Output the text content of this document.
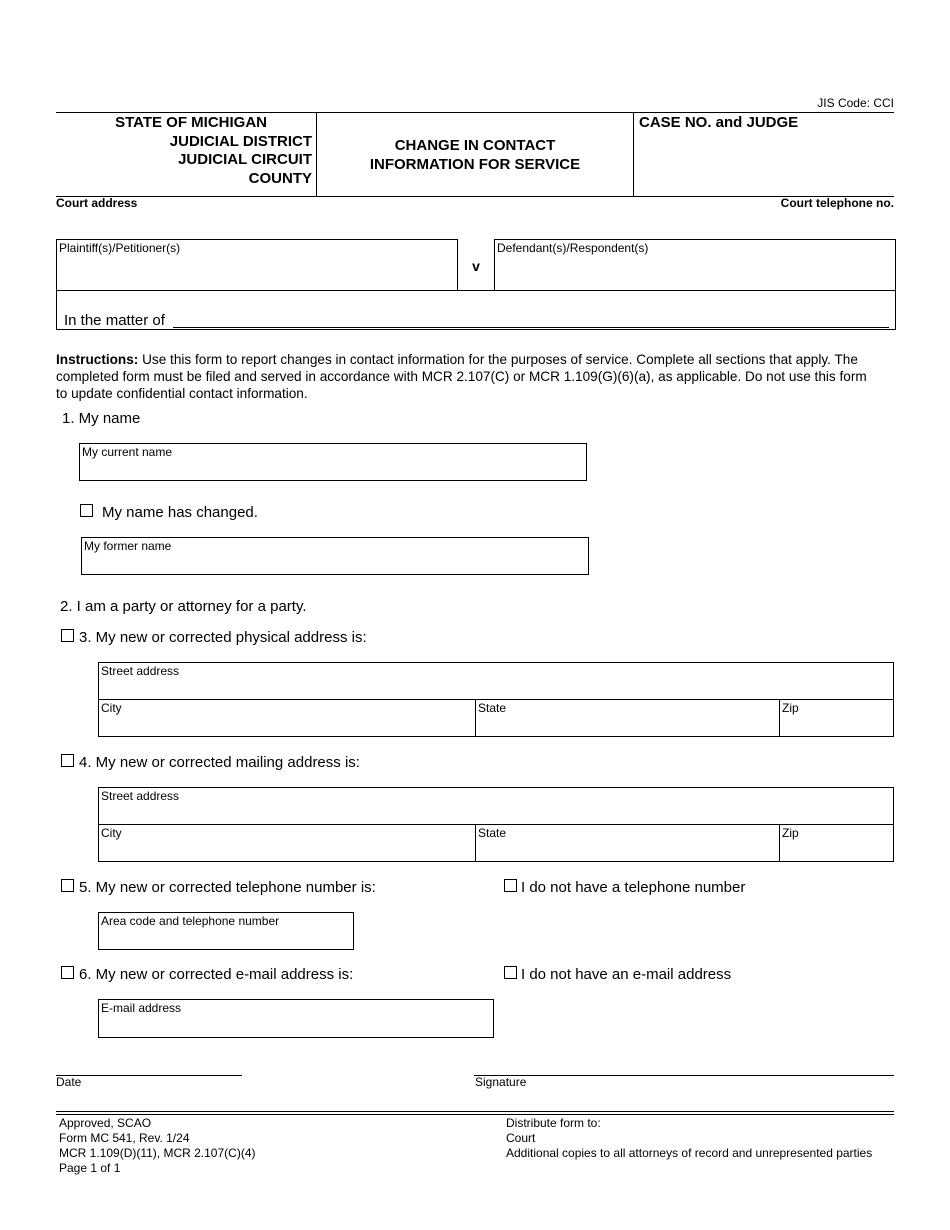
JIS Code: CCI
STATE OF MICHIGAN
JUDICIAL DISTRICT
JUDICIAL CIRCUIT
COUNTY
CHANGE IN CONTACT
INFORMATION FOR SERVICE
CASE NO. and JUDGE
Court address	Court telephone no.
Plaintiff(s)/Petitioner(s)
v
Defendant(s)/Respondent(s)
In the matter of
Instructions: Use this form to report changes in contact information for the purposes of service. Complete all sections that apply. The
completed form must be filed and served in accordance with MCR 2.107(C) or MCR 1.109(G)(6)(a), as applicable. Do not use this form
to update confidential contact information.
1. My name
My current name
My name has changed.
My former name
2. I am a party or attorney for a party.
3. My new or corrected physical address is:
Street address
City	State	Zip
4. My new or corrected mailing address is:
Street address
City	State	Zip
5. My new or corrected telephone number is:	I do not have a telephone number
Area code and telephone number
6. My new or corrected e-mail address is:	I do not have an e-mail address
E-mail address
Date	Signature
Approved, SCAO
Form MC 541, Rev. 1/24
MCR 1.109(D)(11), MCR 2.107(C)(4)
Page 1 of 1
Distribute form to:
Court
Additional copies to all attorneys of record and unrepresented parties
